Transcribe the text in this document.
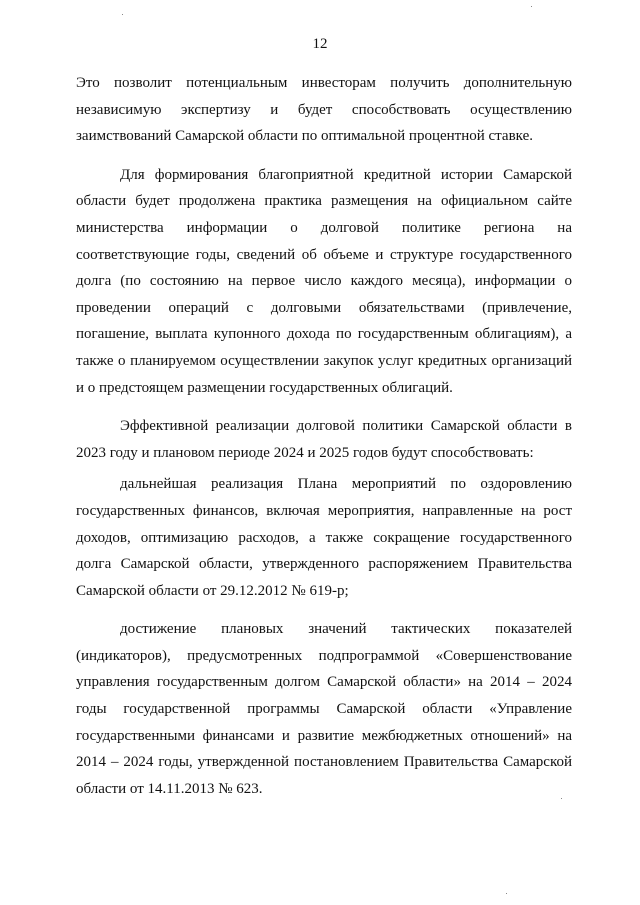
12

Это позволит потенциальным инвесторам получить дополнительную независимую экспертизу и будет способствовать осуществлению заимствований Самарской области по оптимальной процентной ставке.

Для формирования благоприятной кредитной истории Самарской области будет продолжена практика размещения на официальном сайте министерства информации о долговой политике региона на соответствующие годы, сведений об объеме и структуре государственного долга (по состоянию на первое число каждого месяца), информации о проведении операций с долговыми обязательствами (привлечение, погашение, выплата купонного дохода по государственным облигациям), а также о планируемом осуществлении закупок услуг кредитных организаций и о предстоящем размещении государственных облигаций.

Эффективной реализации долговой политики Самарской области в 2023 году и плановом периоде 2024 и 2025 годов будут способствовать:

дальнейшая реализация Плана мероприятий по оздоровлению государственных финансов, включая мероприятия, направленные на рост доходов, оптимизацию расходов, а также сокращение государственного долга Самарской области, утвержденного распоряжением Правительства Самарской области от 29.12.2012 № 619-р;

достижение плановых значений тактических показателей (индикаторов), предусмотренных подпрограммой «Совершенствование управления государственным долгом Самарской области» на 2014 – 2024 годы государственной программы Самарской области «Управление государственными финансами и развитие межбюджетных отношений» на 2014 – 2024 годы, утвержденной постановлением Правительства Самарской области от 14.11.2013 № 623.
